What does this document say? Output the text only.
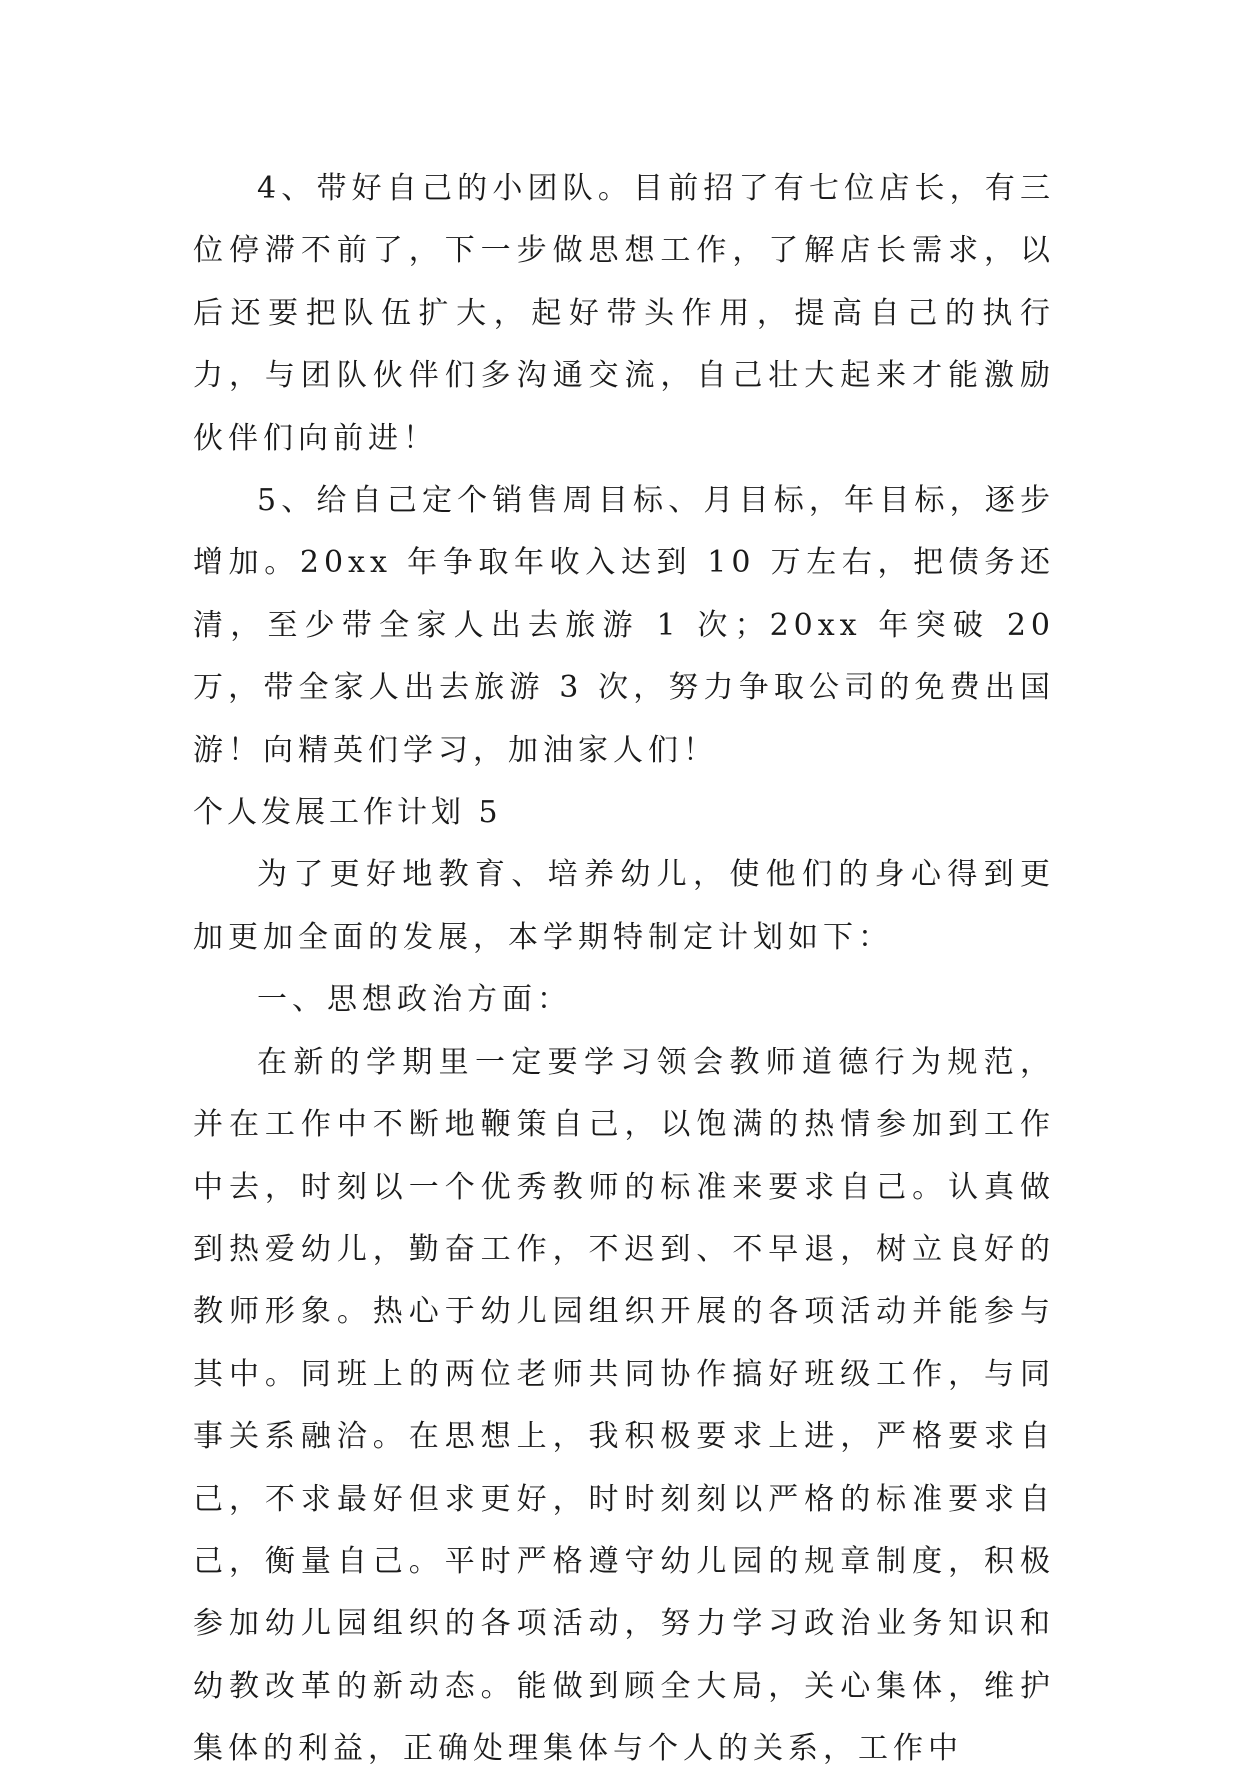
4、带好自己的小团队。目前招了有七位店长，有三位停滞不前了，下一步做思想工作，了解店长需求，以后还要把队伍扩大，起好带头作用，提高自己的执行力，与团队伙伴们多沟通交流，自己壮大起来才能激励伙伴们向前进！

5、给自己定个销售周目标、月目标，年目标，逐步增加。20xx 年争取年收入达到 10 万左右，把债务还清，至少带全家人出去旅游 1 次；20xx 年突破 20 万，带全家人出去旅游 3 次，努力争取公司的免费出国游！向精英们学习，加油家人们！

个人发展工作计划 5

为了更好地教育、培养幼儿，使他们的身心得到更加更加全面的发展，本学期特制定计划如下：

一、思想政治方面：

在新的学期里一定要学习领会教师道德行为规范，并在工作中不断地鞭策自己，以饱满的热情参加到工作中去，时刻以一个优秀教师的标准来要求自己。认真做到热爱幼儿，勤奋工作，不迟到、不早退，树立良好的教师形象。热心于幼儿园组织开展的各项活动并能参与其中。同班上的两位老师共同协作搞好班级工作，与同事关系融洽。在思想上，我积极要求上进，严格要求自己，不求最好但求更好，时时刻刻以严格的标准要求自己，衡量自己。平时严格遵守幼儿园的规章制度，积极参加幼儿园组织的各项活动，努力学习政治业务知识和幼教改革的新动态。能做到顾全大局，关心集体，维护集体的利益，正确处理集体与个人的关系，工作中
